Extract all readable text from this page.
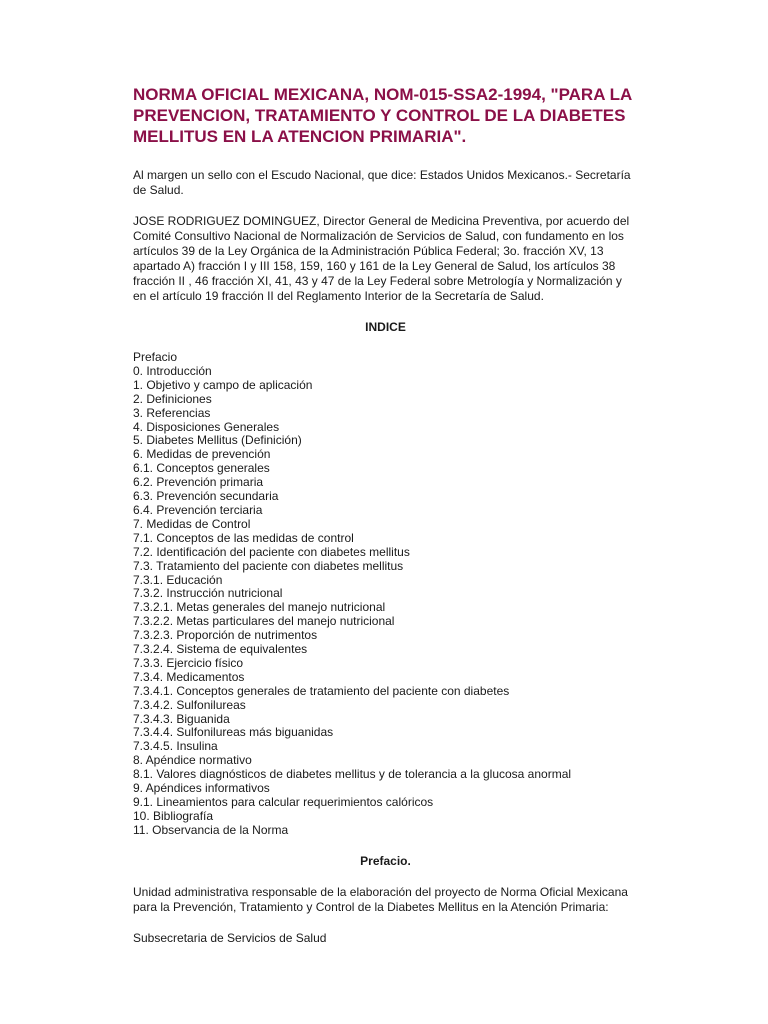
NORMA OFICIAL MEXICANA, NOM-015-SSA2-1994, "PARA LA PREVENCION, TRATAMIENTO Y CONTROL DE LA DIABETES MELLITUS EN LA ATENCION PRIMARIA".

Al margen un sello con el Escudo Nacional, que dice: Estados Unidos Mexicanos.- Secretaría de Salud.

JOSE RODRIGUEZ DOMINGUEZ, Director General de Medicina Preventiva, por acuerdo del Comité Consultivo Nacional de Normalización de Servicios de Salud, con fundamento en los artículos 39 de la Ley Orgánica de la Administración Pública Federal; 3o. fracción XV, 13 apartado A) fracción I y III 158, 159, 160 y 161 de la Ley General de Salud, los artículos 38 fracción II , 46 fracción XI, 41, 43 y 47 de la Ley Federal sobre Metrología y Normalización y en el artículo 19 fracción II del Reglamento Interior de la Secretaría de Salud.

INDICE
Prefacio
0. Introducción
1. Objetivo y campo de aplicación
2. Definiciones
3. Referencias
4. Disposiciones Generales
5. Diabetes Mellitus (Definición)
6. Medidas de prevención
6.1. Conceptos generales
6.2. Prevención primaria
6.3. Prevención secundaria
6.4. Prevención terciaria
7. Medidas de Control
7.1. Conceptos de las medidas de control
7.2. Identificación del paciente con diabetes mellitus
7.3. Tratamiento del paciente con diabetes mellitus
7.3.1. Educación
7.3.2. Instrucción nutricional
7.3.2.1. Metas generales del manejo nutricional
7.3.2.2. Metas particulares del manejo nutricional
7.3.2.3. Proporción de nutrimentos
7.3.2.4. Sistema de equivalentes
7.3.3. Ejercicio físico
7.3.4. Medicamentos
7.3.4.1. Conceptos generales de tratamiento del paciente con diabetes
7.3.4.2. Sulfonilureas
7.3.4.3. Biguanida
7.3.4.4. Sulfonilureas más biguanidas
7.3.4.5. Insulina
8. Apéndice normativo
8.1. Valores diagnósticos de diabetes mellitus y de tolerancia a la glucosa anormal
9. Apéndices informativos
9.1. Lineamientos para calcular requerimientos calóricos
10. Bibliografía
11. Observancia de la Norma
Prefacio.

Unidad administrativa responsable de la elaboración del proyecto de Norma Oficial Mexicana para la Prevención, Tratamiento y Control de la Diabetes Mellitus en la Atención Primaria:

Subsecretaria de Servicios de Salud
